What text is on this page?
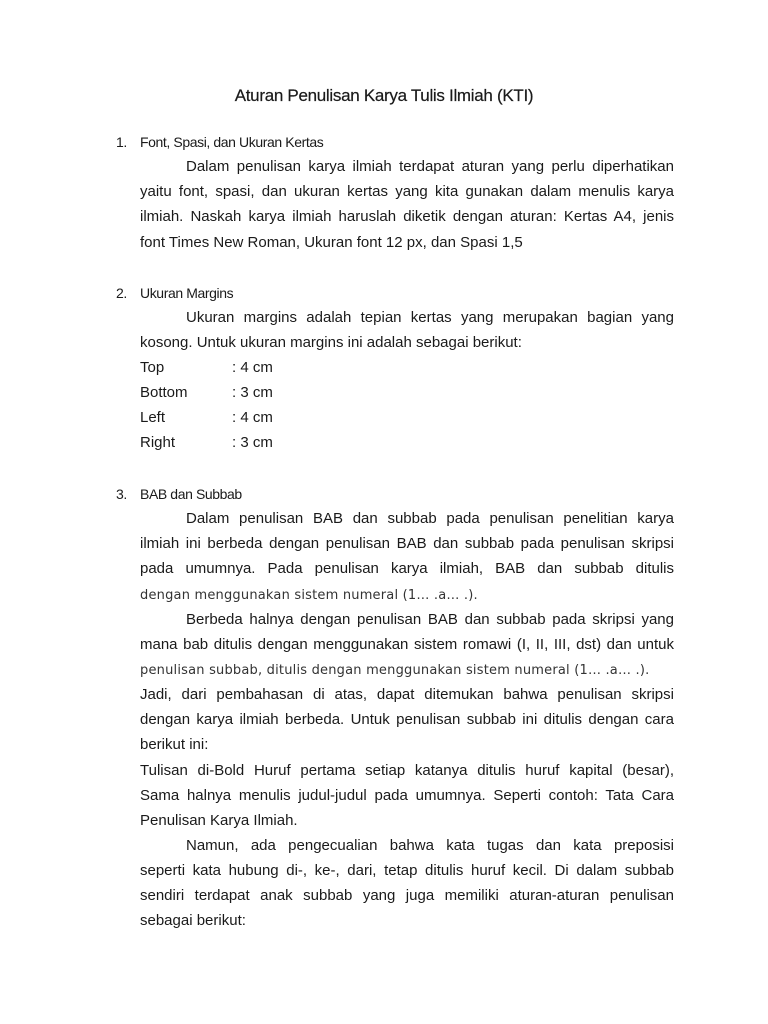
Aturan Penulisan Karya Tulis Ilmiah (KTI)
1. Font, Spasi, dan Ukuran Kertas
Dalam penulisan karya ilmiah terdapat aturan yang perlu diperhatikan
yaitu font, spasi, dan ukuran kertas yang kita gunakan dalam menulis karya
ilmiah. Naskah karya ilmiah haruslah diketik dengan aturan: Kertas A4, jenis
font Times New Roman, Ukuran font 12 px, dan Spasi 1,5
2. Ukuran Margins
Ukuran margins adalah tepian kertas yang merupakan bagian yang
kosong. Untuk ukuran margins ini adalah sebagai berikut:
Top	: 4 cm
Bottom	: 3 cm
Left	: 4 cm
Right	: 3 cm
3. BAB dan Subbab
Dalam penulisan BAB dan subbab pada penulisan penelitian karya
ilmiah ini berbeda dengan penulisan BAB dan subbab pada penulisan skripsi
pada umumnya. Pada penulisan karya ilmiah, BAB dan subbab ditulis
dengan menggunakan sistem numeral (1… .a… .).
Berbeda halnya dengan penulisan BAB dan subbab pada skripsi yang
mana bab ditulis dengan menggunakan sistem romawi (I, II, III, dst) dan untuk
penulisan subbab, ditulis dengan menggunakan sistem numeral (1… .a… .).
Jadi, dari pembahasan di atas, dapat ditemukan bahwa penulisan skripsi
dengan karya ilmiah berbeda. Untuk penulisan subbab ini ditulis dengan cara
berikut ini:
Tulisan di-Bold Huruf pertama setiap katanya ditulis huruf kapital (besar),
Sama halnya menulis judul-judul pada umumnya. Seperti contoh: Tata Cara
Penulisan Karya Ilmiah.
Namun, ada pengecualian bahwa kata tugas dan kata preposisi
seperti kata hubung di-, ke-, dari, tetap ditulis huruf kecil. Di dalam subbab
sendiri terdapat anak subbab yang juga memiliki aturan-aturan penulisan
sebagai berikut:
